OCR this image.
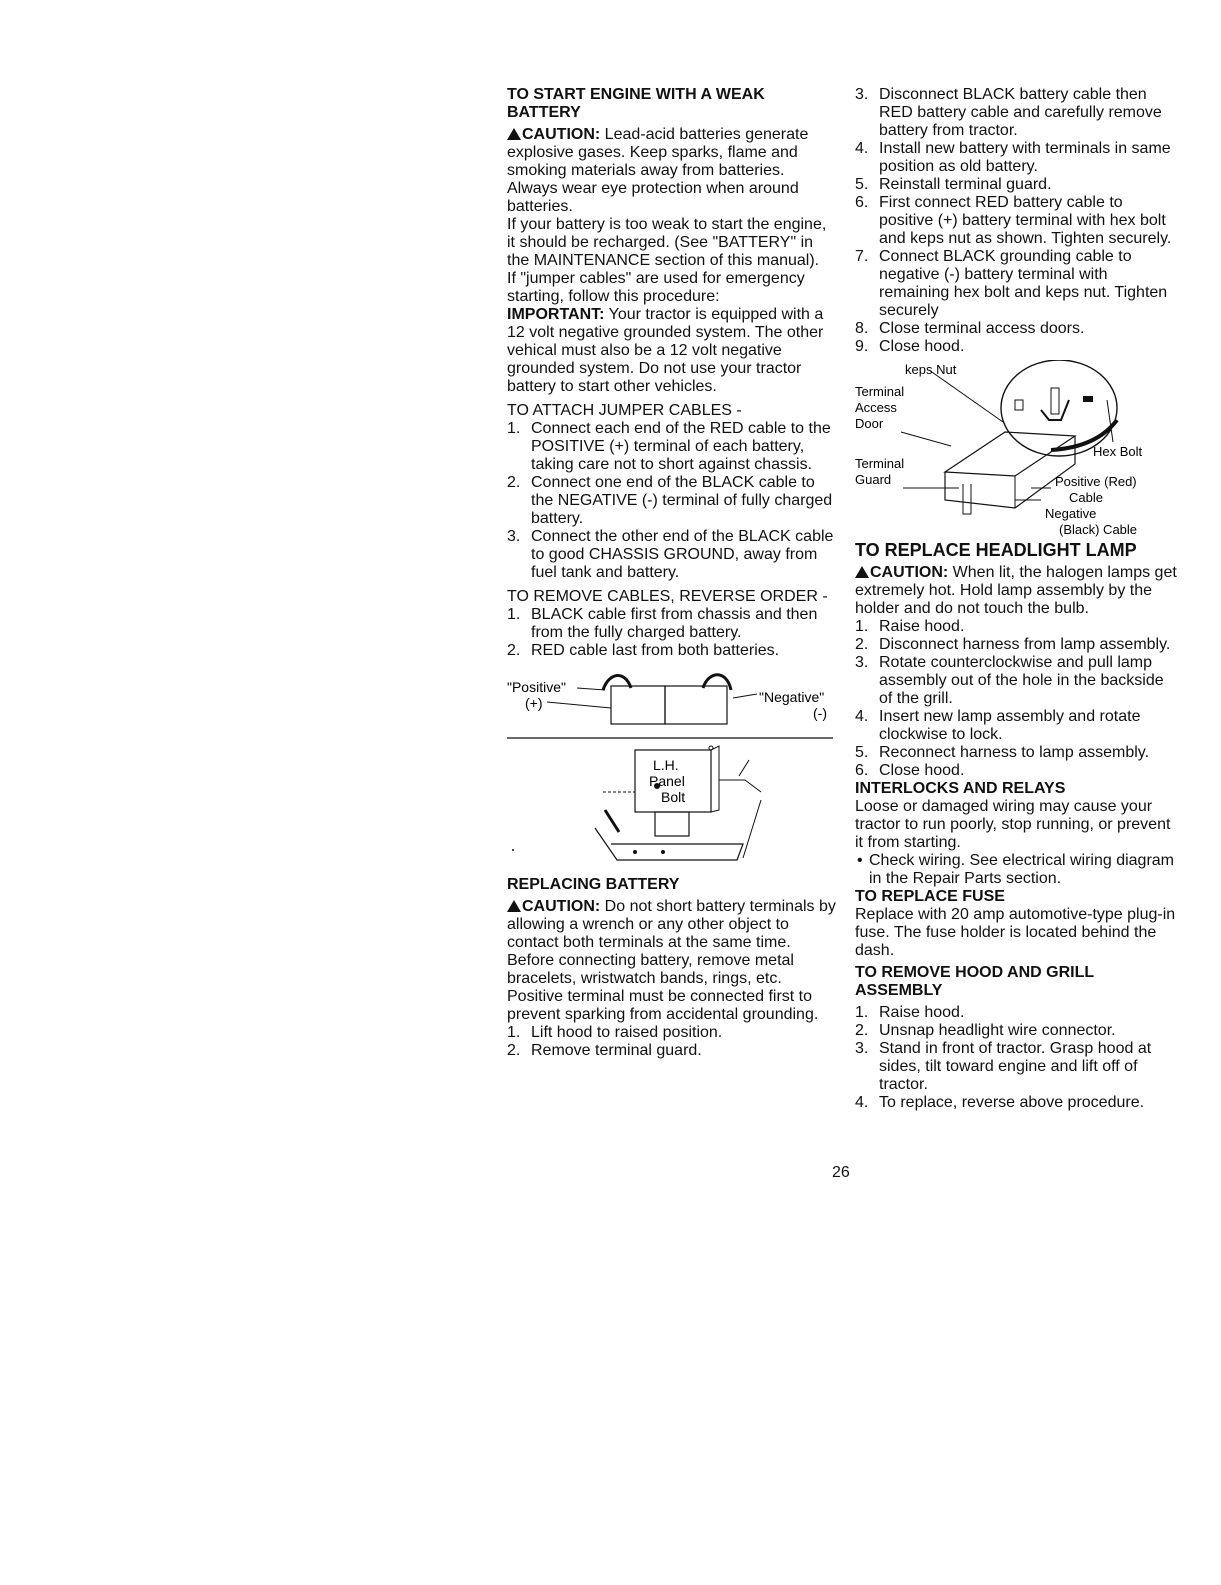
TO START ENGINE WITH A WEAK BATTERY

CAUTION: Lead-acid batteries generate explosive gases. Keep sparks, flame and smoking materials away from batteries. Always wear eye protection when around batteries.

If your battery is too weak to start the engine, it should be recharged. (See "BATTERY" in the MAINTENANCE section of this manual).

If "jumper cables" are used for emergency starting, follow this procedure:

IMPORTANT: Your tractor is equipped with a 12 volt negative grounded system. The other vehical must also be a 12 volt negative grounded system. Do not use your tractor battery to start other vehicles.

TO ATTACH JUMPER CABLES -

1. Connect each end of the RED cable to the POSITIVE (+) terminal of each battery, taking care not to short against chassis.
2. Connect one end of the BLACK cable to the NEGATIVE (-) terminal of fully charged battery.
3. Connect the other end of the BLACK cable to good CHASSIS GROUND, away from fuel tank and battery.

TO REMOVE CABLES, REVERSE ORDER -

1. BLACK cable first from chassis and then from the fully charged battery.
2. RED cable last from both batteries.
"Positive"
(+)	"Negative"
(-)
L.H.
Panel
Bolt

REPLACING BATTERY

CAUTION: Do not short battery terminals by allowing a wrench or any other object to contact both terminals at the same time. Before connecting battery, remove metal bracelets, wristwatch bands, rings, etc.

Positive terminal must be connected first to prevent sparking from accidental grounding.

1. Lift hood to raised position.
2. Remove terminal guard.
3. Disconnect BLACK battery cable then RED battery cable and carefully remove battery from tractor.
4. Install new battery with terminals in same position as old battery.
5. Reinstall terminal guard.
6. First connect RED battery cable to positive (+) battery terminal with hex bolt and keps nut as shown. Tighten securely.
7. Connect BLACK grounding cable to negative (-) battery terminal with remaining hex bolt and keps nut. Tighten securely
8. Close terminal access doors.
9. Close hood.
keps Nut
Terminal
Access
Door
Terminal
Guard
Hex Bolt
Positive (Red)
Cable
Negative
(Black) Cable

TO REPLACE HEADLIGHT LAMP

CAUTION: When lit, the halogen lamps get extremely hot. Hold lamp assembly by the holder and do not touch the bulb.

1. Raise hood.
2. Disconnect harness from lamp assembly.
3. Rotate counterclockwise and pull lamp assembly out of the hole in the backside of the grill.
4. Insert new lamp assembly and rotate clockwise to lock.
5. Reconnect harness to lamp assembly.
6. Close hood.

INTERLOCKS AND RELAYS

Loose or damaged wiring may cause your tractor to run poorly, stop running, or prevent it from starting.

• Check wiring. See electrical wiring diagram in the Repair Parts section.

TO REPLACE FUSE

Replace with 20 amp automotive-type plug-in fuse. The fuse holder is located behind the dash.

TO REMOVE HOOD AND GRILL ASSEMBLY

1. Raise hood.
2. Unsnap headlight wire connector.
3. Stand in front of tractor. Grasp hood at sides, tilt toward engine and lift off of tractor.
4. To replace, reverse above procedure.
26
